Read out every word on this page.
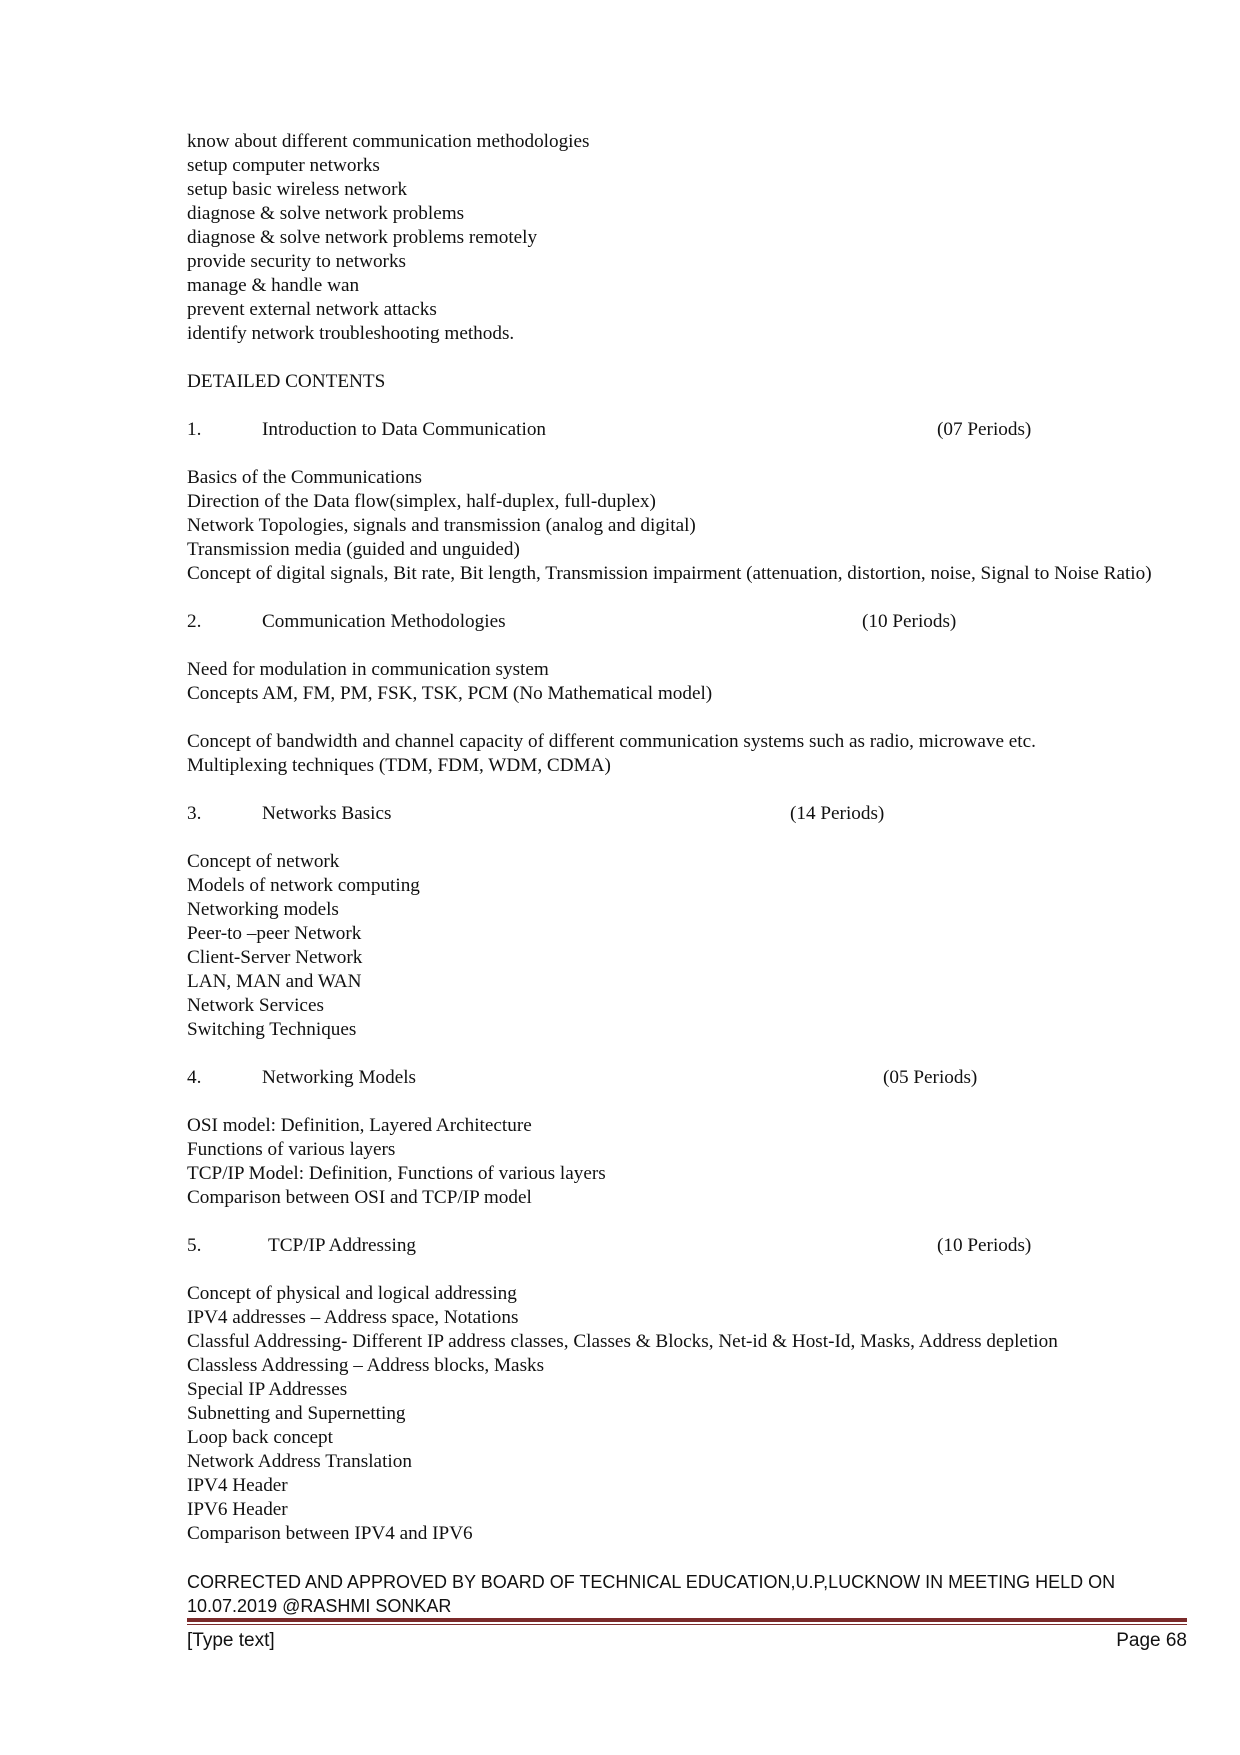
know about different communication methodologies
setup computer networks
setup basic wireless network
diagnose & solve network problems
diagnose & solve network problems remotely
provide security to networks
manage & handle wan
prevent external network attacks
identify network troubleshooting methods.
DETAILED CONTENTS
1.	Introduction to Data Communication	(07 Periods)
Basics of the Communications
Direction of the Data flow(simplex, half-duplex, full-duplex)
Network Topologies, signals and transmission (analog and digital)
Transmission media (guided and unguided)
Concept of digital signals, Bit rate, Bit length, Transmission impairment (attenuation, distortion, noise, Signal to Noise Ratio)
2.	Communication Methodologies	(10 Periods)
Need for modulation in communication system
Concepts AM, FM, PM, FSK, TSK, PCM (No Mathematical model)
Concept of bandwidth and channel capacity of different communication systems such as radio, microwave etc.
Multiplexing techniques (TDM, FDM, WDM, CDMA)
3.	Networks Basics	(14 Periods)
Concept of network
Models of network computing
Networking models
Peer-to –peer Network
Client-Server Network
LAN, MAN and WAN
Network Services
Switching Techniques
4.	Networking Models	(05 Periods)
OSI model: Definition, Layered Architecture
Functions of various layers
TCP/IP Model: Definition, Functions of various layers
Comparison between OSI and TCP/IP model
5.	TCP/IP Addressing	(10 Periods)
Concept of physical and logical addressing
IPV4 addresses – Address space, Notations
Classful Addressing- Different IP address classes, Classes & Blocks, Net-id & Host-Id, Masks, Address depletion
Classless Addressing – Address blocks, Masks
Special IP Addresses
Subnetting and Supernetting
Loop back concept
Network Address Translation
IPV4 Header
IPV6 Header
Comparison between IPV4 and IPV6
CORRECTED AND APPROVED BY BOARD OF TECHNICAL EDUCATION,U.P,LUCKNOW IN MEETING HELD ON
10.07.2019 @RASHMI SONKAR
[Type text]	Page 68
